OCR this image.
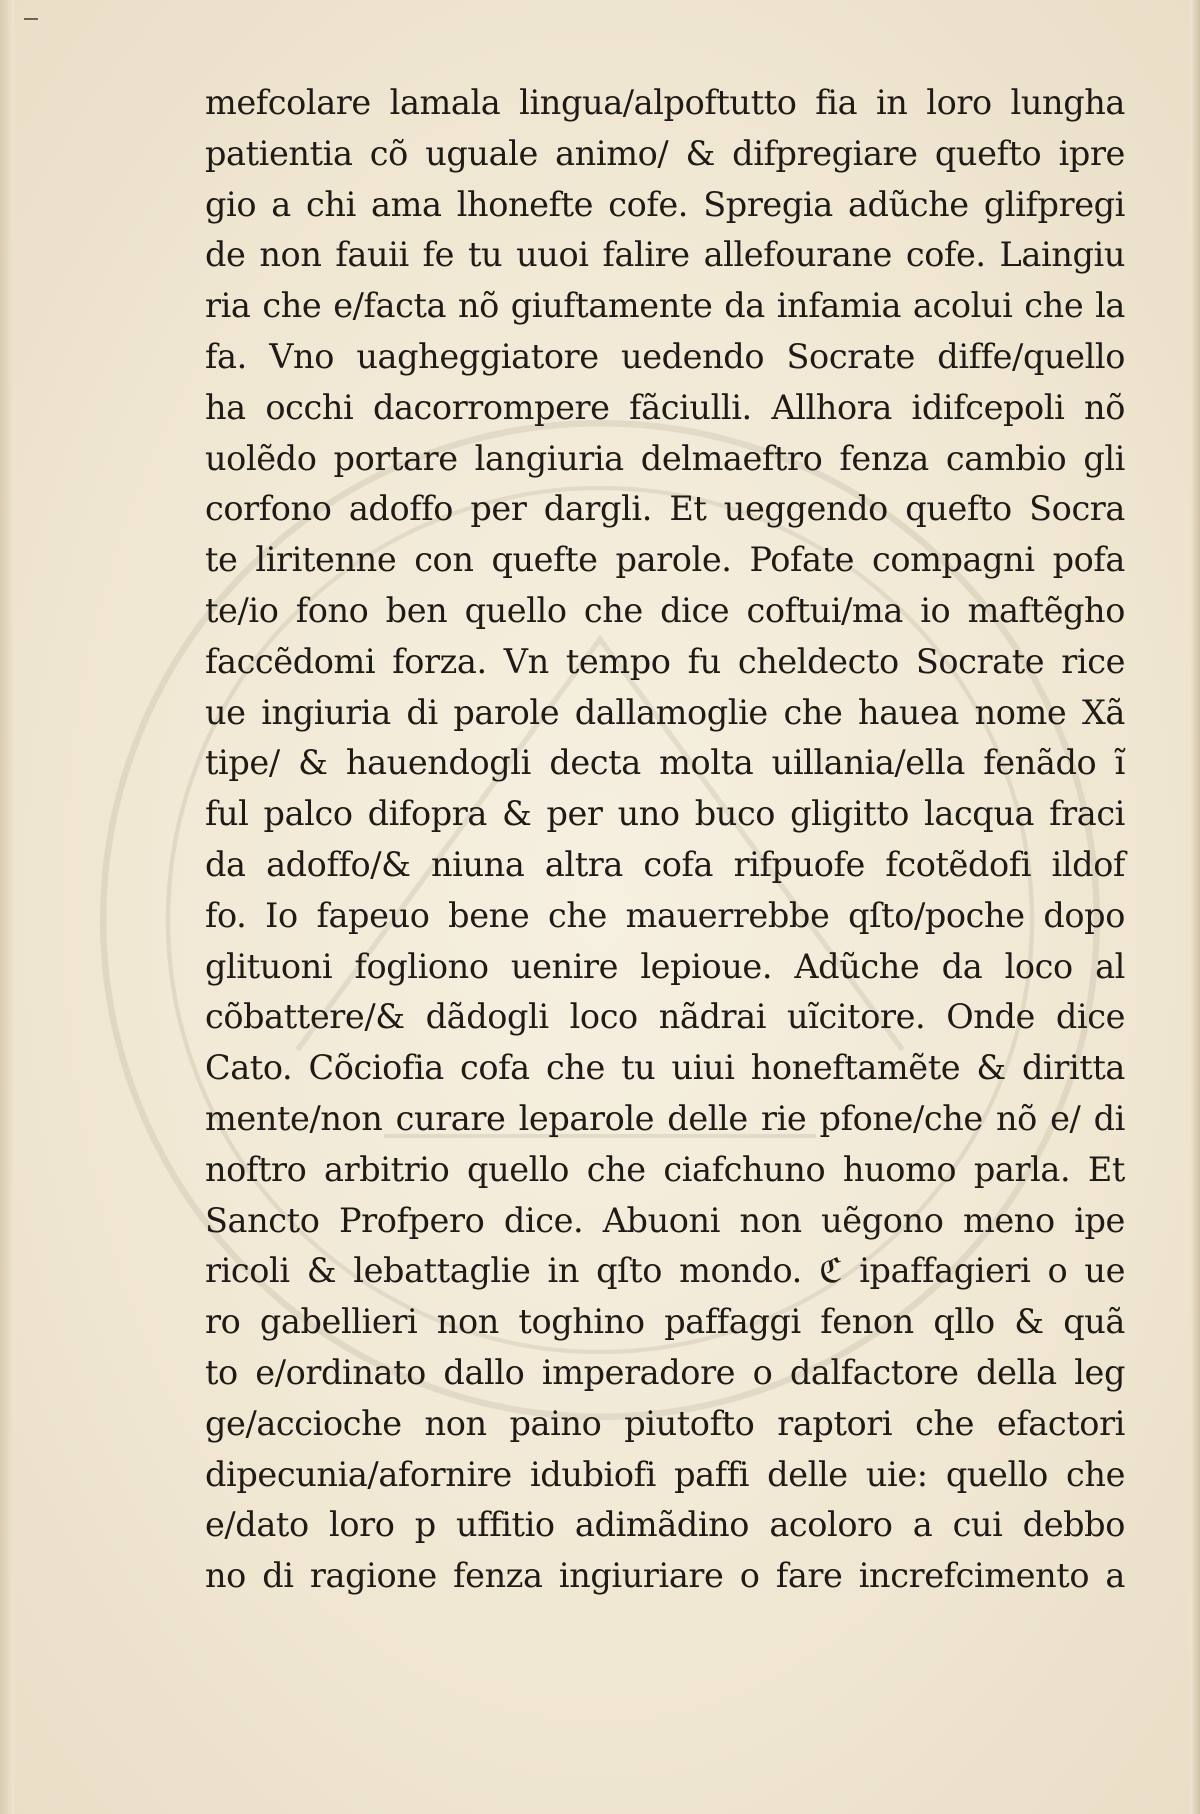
mefcolare lamala lingua/alpoftutto fia in loro lungha
patientia cõ uguale animo/ & difpregiare quefto ipre
gio a chi ama lhonefte cofe. Spregia adũche glifpregi
de non fauii fe tu uuoi falire allefourane cofe. Laingiu
ria che e/facta nõ giuftamente da infamia acolui che la
fa. Vno uagheggiatore uedendo Socrate diffe/quello
ha occhi dacorrompere fãciulli. Allhora idifcepoli nõ
uolẽdo portare langiuria delmaeftro fenza cambio gli
corfono adoffo per dargli. Et ueggendo quefto Socra
te liritenne con quefte parole. Pofate compagni pofa
te/io fono ben quello che dice coftui/ma io maftẽgho
faccẽdomi forza. Vn tempo fu cheldecto Socrate rice
ue ingiuria di parole dallamoglie che hauea nome Xã
tipe/ & hauendogli decta molta uillania/ella fenãdo ĩ
ful palco difopra & per uno buco gligitto lacqua fraci
da adoffo/& niuna altra cofa rifpuofe fcotẽdofi ildof
fo. Io fapeuo bene che mauerrebbe qſto/poche dopo
glituoni fogliono uenire lepioue. Adũche da loco al
cõbattere/& dãdogli loco nãdrai uĩcitore. Onde dice
Cato. Cõciofia cofa che tu uiui honeftamẽte & diritta
mente/non curare leparole delle rie pfone/che nõ e/ di
noftro arbitrio quello che ciafchuno huomo parla. Et
Sancto Profpero dice. Abuoni non uẽgono meno ipe
ricoli & lebattaglie in qſto mondo. ℭ ipaffagieri o ue
ro gabellieri non toghino paffaggi fenon qllo & quã
to e/ordinato dallo imperadore o dalfactore della leg
ge/accioche non paino piutofto raptori che efactori
dipecunia/afornire idubiofi paffi delle uie: quello che
e/dato loro p uffitio adimãdino acoloro a cui debbo
no di ragione fenza ingiuriare o fare increfcimento a
